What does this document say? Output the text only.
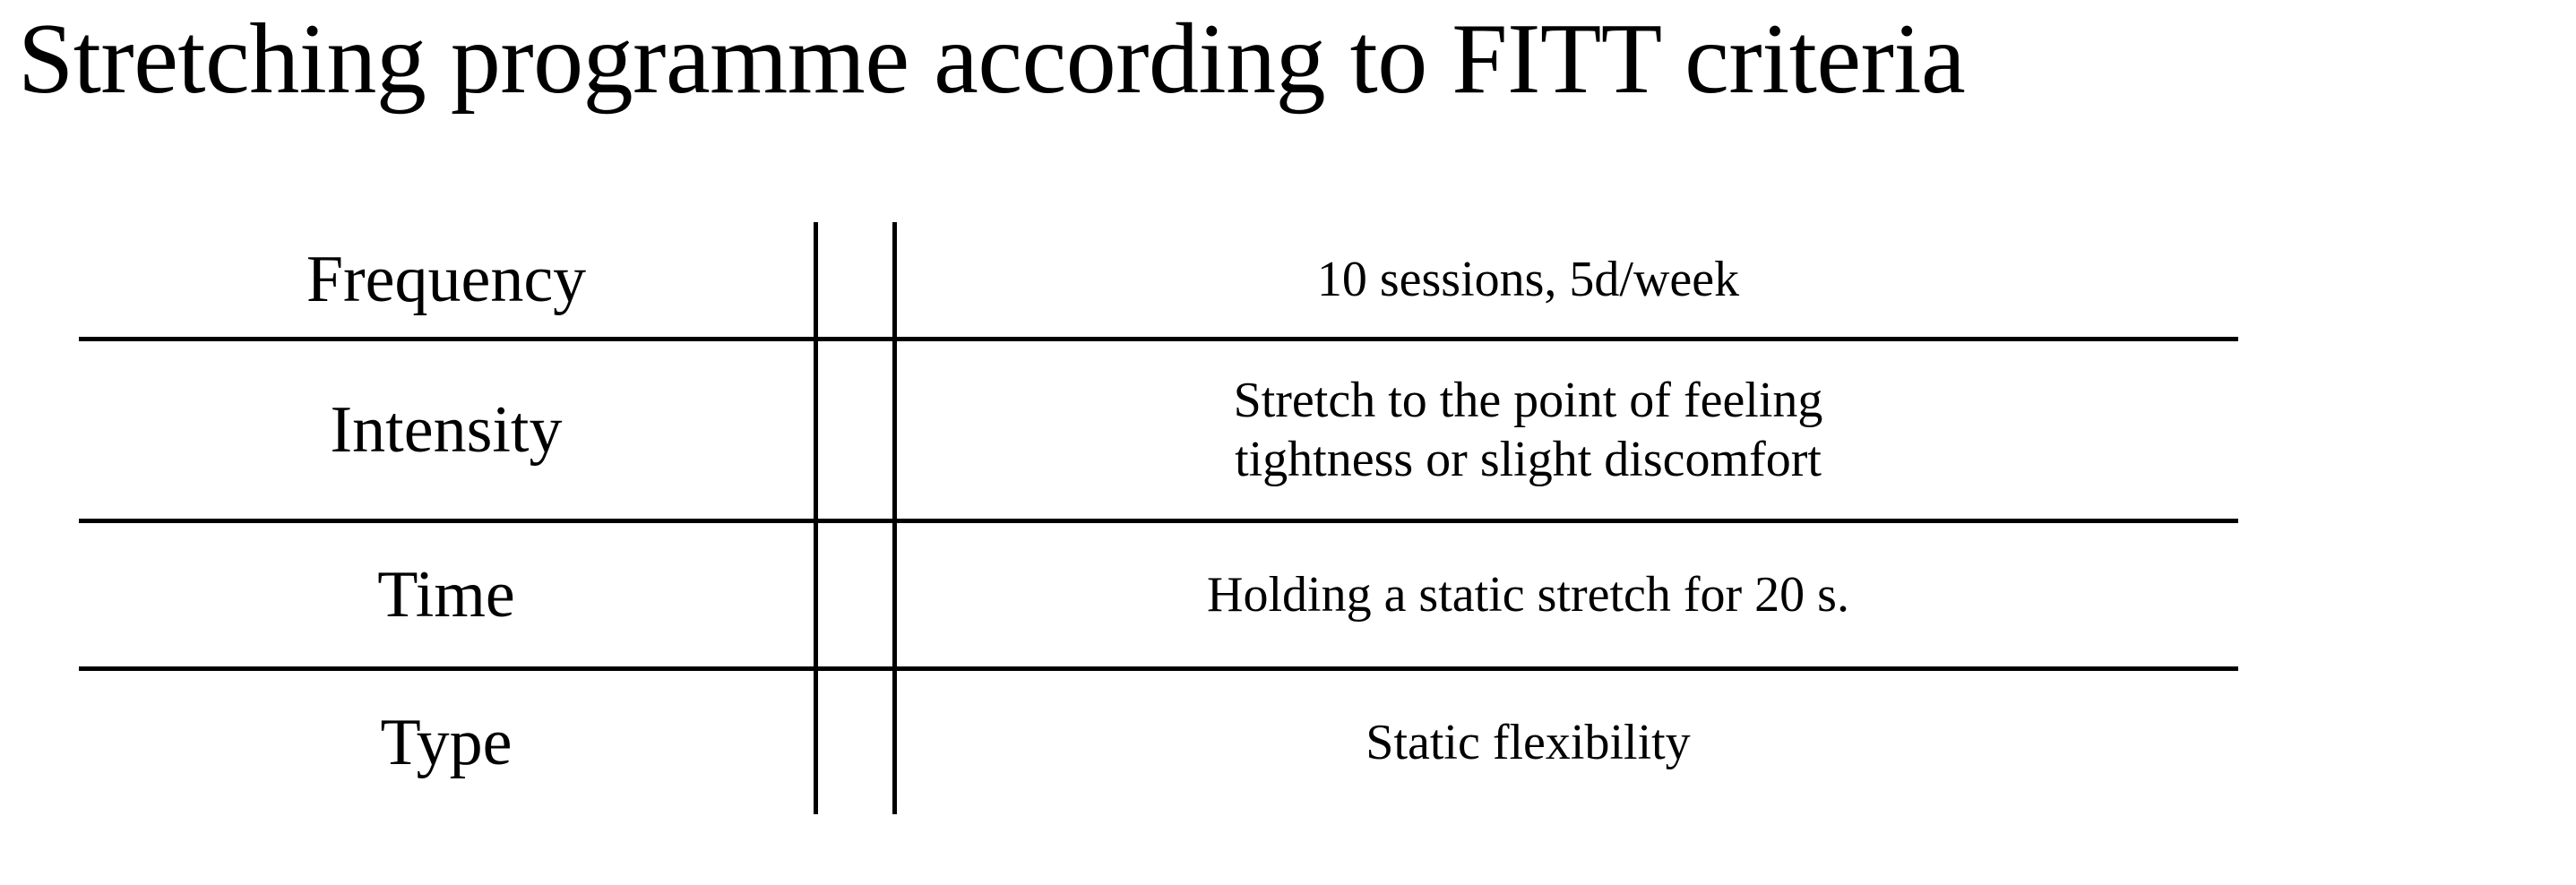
Stretching programme according to FITT criteria
Frequency	10 sessions, 5d/week

Intensity	Stretch to the point of feeling
tightness or slight discomfort

Time	Holding a static stretch for 20 s.

Type	Static flexibility
